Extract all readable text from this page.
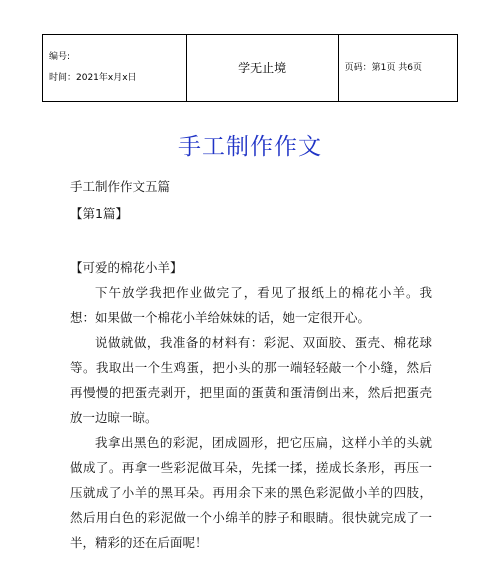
编号:
时间：2021年x月x日
	学无止境	页码：第1页 共6页
手工制作作文
手工制作作文五篇
【第1篇】
【可爱的棉花小羊】
下午放学我把作业做完了，看见了报纸上的棉花小羊。我想：如果做一个棉花小羊给妹妹的话，她一定很开心。
说做就做，我准备的材料有：彩泥、双面胶、蛋壳、棉花球等。我取出一个生鸡蛋，把小头的那一端轻轻敲一个小缝，然后再慢慢的把蛋壳剥开，把里面的蛋黄和蛋清倒出来，然后把蛋壳放一边晾一晾。
我拿出黑色的彩泥，团成圆形，把它压扁，这样小羊的头就做成了。再拿一些彩泥做耳朵，先揉一揉，搓成长条形，再压一压就成了小羊的黑耳朵。再用余下来的黑色彩泥做小羊的四肢，然后用白色的彩泥做一个小绵羊的脖子和眼睛。很快就完成了一半，精彩的还在后面呢！
